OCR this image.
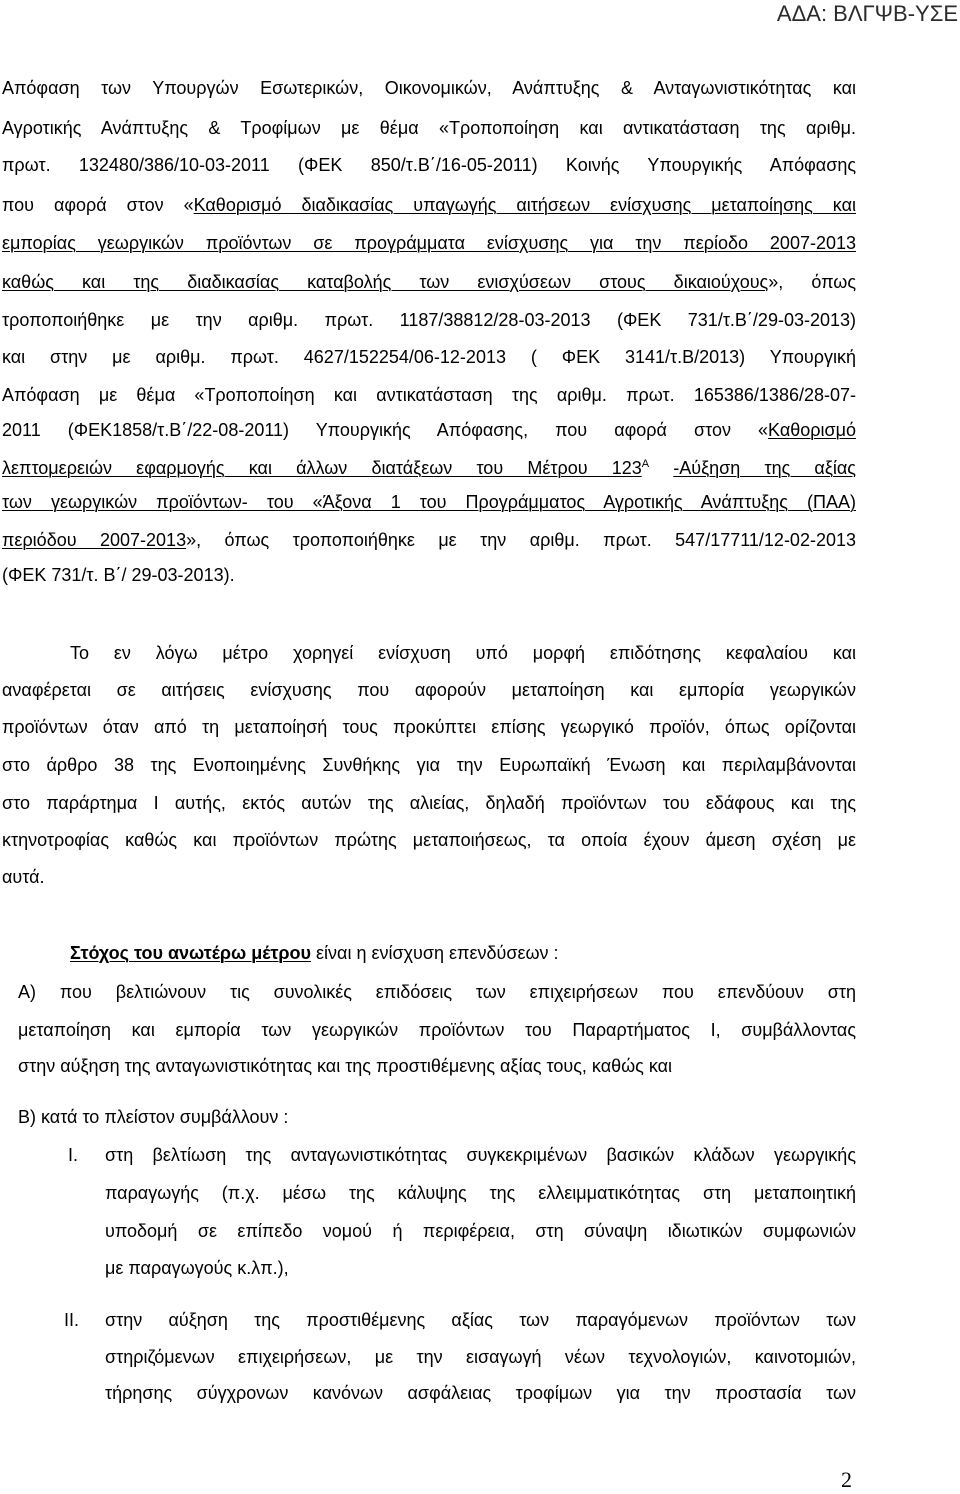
ΑΔΑ: ΒΛΓΨΒ-ΥΣΕ
Απόφαση των Υπουργών Εσωτερικών, Οικονομικών, Ανάπτυξης & Ανταγωνιστικότητας και
Αγροτικής Ανάπτυξης & Τροφίμων με θέμα «Τροποποίηση και αντικατάσταση της αριθμ.
πρωτ. 132480/386/10-03-2011 (ΦΕΚ 850/τ.Β΄/16-05-2011) Κοινής Υπουργικής Απόφασης
που αφορά στον «Καθορισμό διαδικασίας υπαγωγής αιτήσεων ενίσχυσης μεταποίησης και
εμπορίας γεωργικών προϊόντων σε προγράμματα ενίσχυσης για την περίοδο 2007-2013
καθώς και της διαδικασίας καταβολής των ενισχύσεων στους δικαιούχους», όπως
τροποποιήθηκε με την αριθμ. πρωτ. 1187/38812/28-03-2013 (ΦΕΚ 731/τ.Β΄/29-03-2013)
και στην με αριθμ. πρωτ. 4627/152254/06-12-2013 ( ΦΕΚ 3141/τ.Β/2013) Υπουργική
Απόφαση με θέμα «Τροποποίηση και αντικατάσταση της αριθμ. πρωτ. 165386/1386/28-07-
2011 (ΦΕΚ1858/τ.Β΄/22-08-2011) Υπουργικής Απόφασης, που αφορά στον «Καθορισμό
λεπτομερειών εφαρμογής και άλλων διατάξεων του Μέτρου $123^A$ -Αύξηση της αξίας
των γεωργικών προϊόντων- του «Άξονα 1 του Προγράμματος Αγροτικής Ανάπτυξης (ΠΑΑ)
περιόδου 2007-2013», όπως τροποποιήθηκε με την αριθμ. πρωτ. 547/17711/12-02-2013
(ΦΕΚ 731/τ. Β΄/ 29-03-2013).
Το εν λόγω μέτρο χορηγεί ενίσχυση υπό μορφή επιδότησης κεφαλαίου και
αναφέρεται σε αιτήσεις ενίσχυσης που αφορούν μεταποίηση και εμπορία γεωργικών
προϊόντων όταν από τη μεταποίησή τους προκύπτει επίσης γεωργικό προϊόν, όπως ορίζονται
στο άρθρο 38 της Ενοποιημένης Συνθήκης για την Ευρωπαϊκή Ένωση και περιλαμβάνονται
στο παράρτημα I αυτής, εκτός αυτών της αλιείας, δηλαδή προϊόντων του εδάφους και της
κτηνοτροφίας καθώς και προϊόντων πρώτης μεταποιήσεως, τα οποία έχουν άμεση σχέση με
αυτά.
Στόχος του ανωτέρω μέτρου είναι η ενίσχυση επενδύσεων :
Α) που βελτιώνουν τις συνολικές επιδόσεις των επιχειρήσεων που επενδύουν στη
μεταποίηση και εμπορία των γεωργικών προϊόντων του Παραρτήματος I, συμβάλλοντας
στην αύξηση της ανταγωνιστικότητας και της προστιθέμενης αξίας τους, καθώς και
Β) κατά το πλείστον συμβάλλουν :
I. στη βελτίωση της ανταγωνιστικότητας συγκεκριμένων βασικών κλάδων γεωργικής
παραγωγής (π.χ. μέσω της κάλυψης της ελλειμματικότητας στη μεταποιητική
υποδομή σε επίπεδο νομού ή περιφέρεια, στη σύναψη ιδιωτικών συμφωνιών
με παραγωγούς κ.λπ.),
II. στην αύξηση της προστιθέμενης αξίας των παραγόμενων προϊόντων των
στηριζόμενων επιχειρήσεων, με την εισαγωγή νέων τεχνολογιών, καινοτομιών,
τήρησης σύγχρονων κανόνων ασφάλειας τροφίμων για την προστασία των
2
